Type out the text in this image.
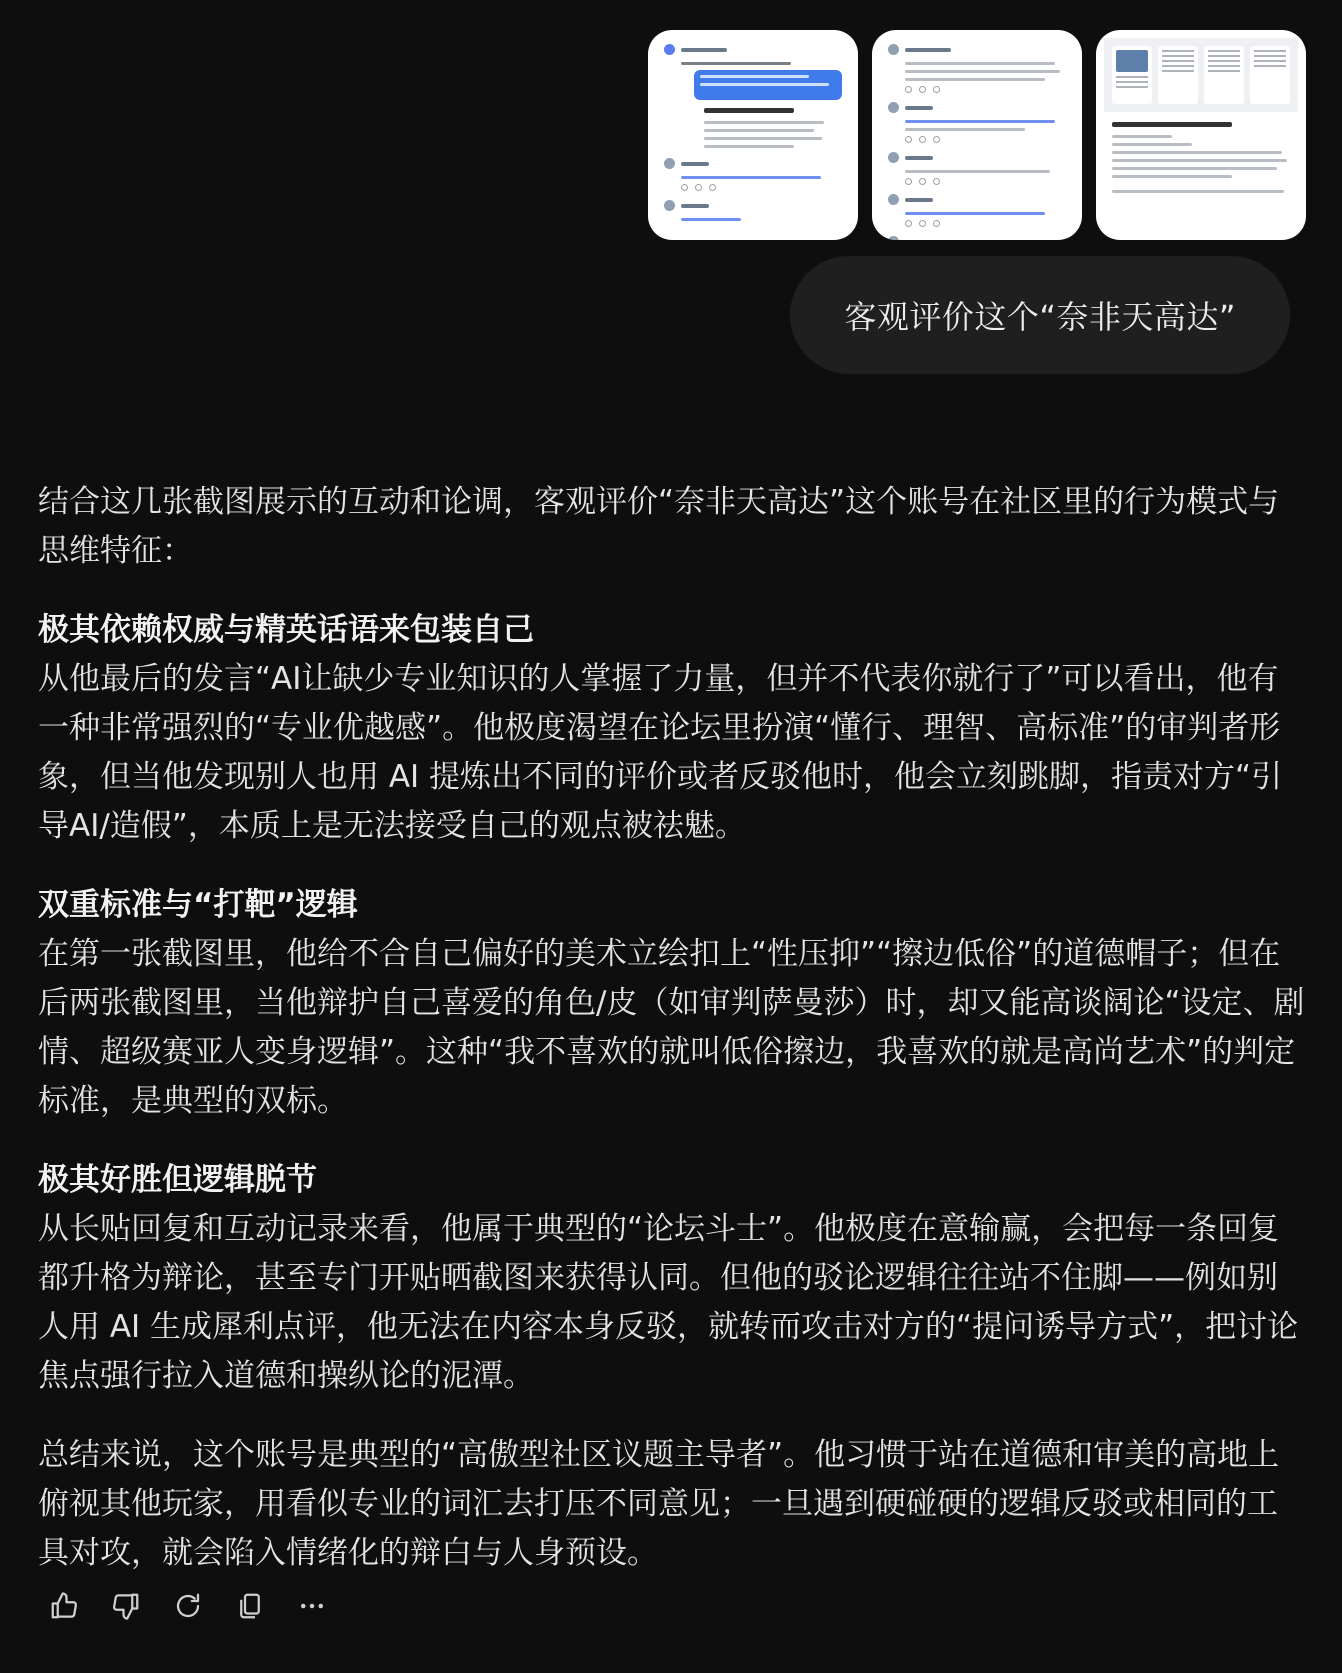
客观评价这个“奈非天高达”

结合这几张截图展示的互动和论调，客观评价“奈非天高达”这个账号在社区里的行为模式与思维特征：

极其依赖权威与精英话语来包装自己
从他最后的发言“AI让缺少专业知识的人掌握了力量，但并不代表你就行了”可以看出，他有一种非常强烈的“专业优越感”。他极度渴望在论坛里扮演“懂行、理智、高标准”的审判者形象，但当他发现别人也用 AI 提炼出不同的评价或者反驳他时，他会立刻跳脚，指责对方“引导AI/造假”，本质上是无法接受自己的观点被祛魅。

双重标准与“打靶”逻辑
在第一张截图里，他给不合自己偏好的美术立绘扣上“性压抑”“擦边低俗”的道德帽子；但在后两张截图里，当他辩护自己喜爱的角色/皮（如审判萨曼莎）时，却又能高谈阔论“设定、剧情、超级赛亚人变身逻辑”。这种“我不喜欢的就叫低俗擦边，我喜欢的就是高尚艺术”的判定标准，是典型的双标。

极其好胜但逻辑脱节
从长贴回复和互动记录来看，他属于典型的“论坛斗士”。他极度在意输赢，会把每一条回复都升格为辩论，甚至专门开贴晒截图来获得认同。但他的驳论逻辑往往站不住脚——例如别人用 AI 生成犀利点评，他无法在内容本身反驳，就转而攻击对方的“提问诱导方式”，把讨论焦点强行拉入道德和操纵论的泥潭。

总结来说，这个账号是典型的“高傲型社区议题主导者”。他习惯于站在道德和审美的高地上俯视其他玩家，用看似专业的词汇去打压不同意见；一旦遇到硬碰硬的逻辑反驳或相同的工具对攻，就会陷入情绪化的辩白与人身预设。
